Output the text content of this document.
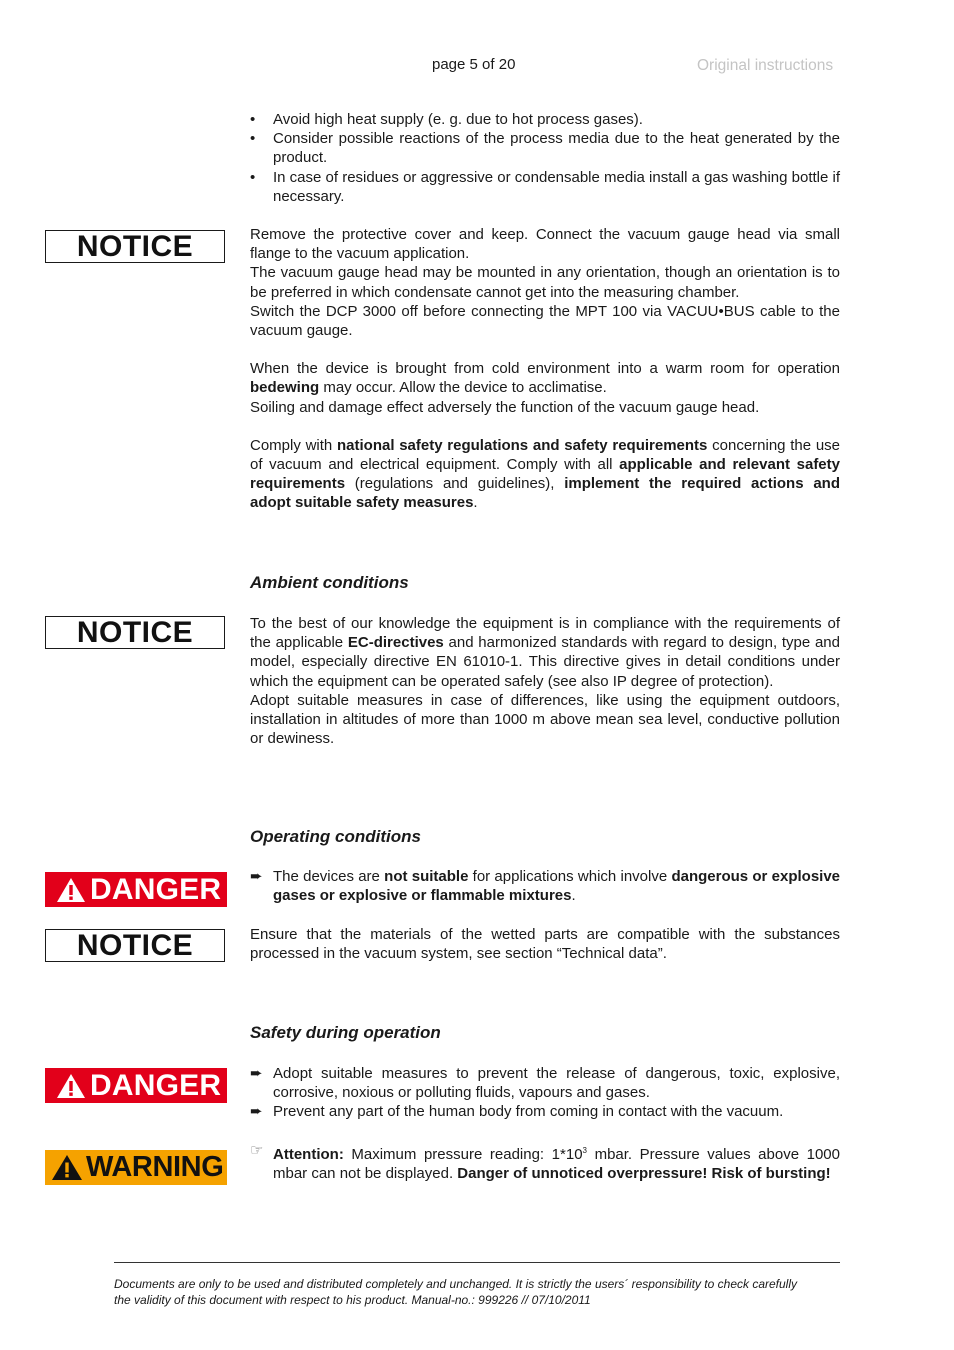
page 5 of 20	Original instructions
•	Avoid high heat supply (e. g. due to hot process gases).
•	Consider possible reactions of the process media due to the heat generated by the product.
•	In case of residues or aggressive or condensable media install a gas washing bottle if necessary.
NOTICE	Remove the protective cover and keep. Connect the vacuum gauge head via small flange to the vacuum application.

The vacuum gauge head may be mounted in any orientation, though an orientation is to be preferred in which condensate cannot get into the measuring chamber.

Switch the DCP 3000 off before connecting the MPT 100 via VACUU•BUS cable to the vacuum gauge.

When the device is brought from cold environment into a warm room for operation bedewing may occur. Allow the device to acclimatise.

Soiling and damage effect adversely the function of the vacuum gauge head.

Comply with national safety regulations and safety requirements concerning the use of vacuum and electrical equipment. Comply with all applicable and relevant safety requirements (regulations and guidelines), implement the required actions and adopt suitable safety measures.

Ambient conditions
NOTICE	To the best of our knowledge the equipment is in compliance with the requirements of the applicable EC-directives and harmonized standards with regard to design, type and model, especially directive EN 61010-1. This directive gives in detail conditions under which the equipment can be operated safely (see also IP degree of protection).

Adopt suitable measures in case of differences, like using the equipment outdoors, installation in altitudes of more than 1000 m above mean sea level, conductive pollution or dewiness.

Operating conditions
DANGER	➨ The devices are not suitable for applications which involve dangerous or explosive gases or explosive or flammable mixtures.
NOTICE	Ensure that the materials of the wetted parts are compatible with the substances processed in the vacuum system, see section “Technical data”.
Safety during operation
DANGER	➨ Adopt suitable measures to prevent the release of dangerous, toxic, explosive, corrosive, noxious or polluting fluids, vapours and gases.
➨ Prevent any part of the human body from coming in contact with the vacuum.
WARNING
☞ Attention: Maximum pressure reading: $1*10^3$ mbar. Pressure values above 1000 mbar can not be displayed. Danger of unnoticed overpressure! Risk of bursting!
Documents are only to be used and distributed completely and unchanged. It is strictly the users´ responsibility to check carefully
the validity of this document with respect to his product. Manual-no.: 999226 // 07/10/2011
